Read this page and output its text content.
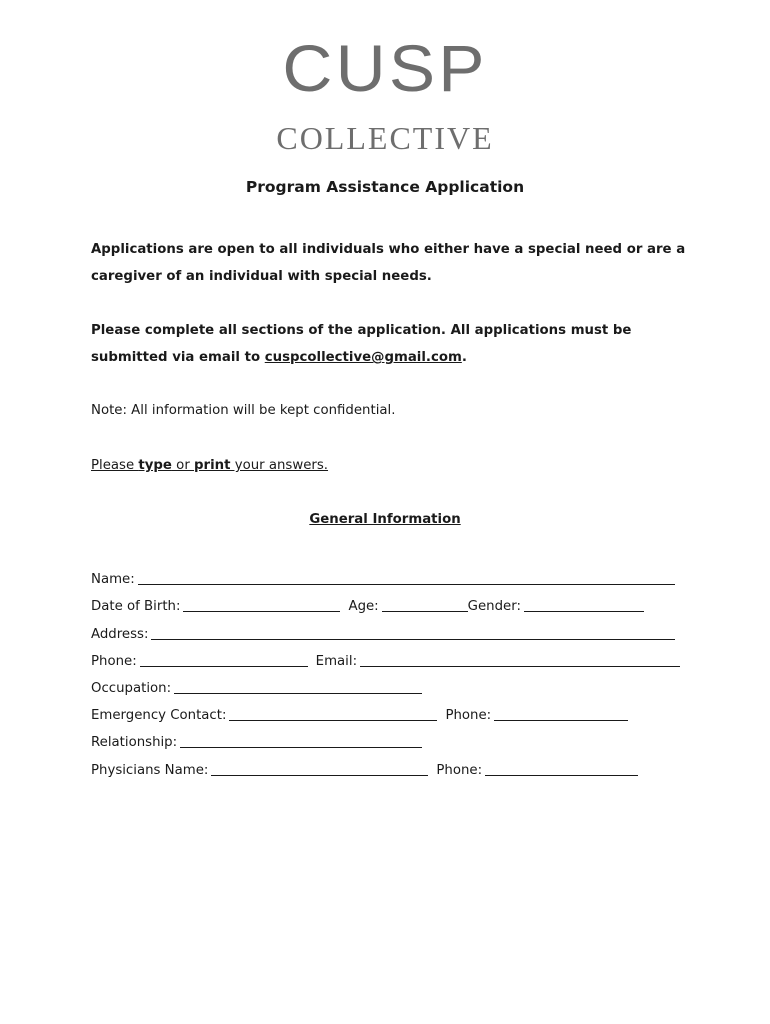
CUSP
COLLECTIVE
Program Assistance Application
Applications are open to all individuals who either have a special need or are a caregiver of an individual with special needs.
Please complete all sections of the application. All applications must be submitted via email to cuspcollective@gmail.com.
Note: All information will be kept confidential.
Please type or print your answers.
General Information
Name:
Date of Birth:	Age:	Gender:
Address:
Phone:	Email:
Occupation:
Emergency Contact:	Phone:
Relationship:
Physicians Name:	Phone:
